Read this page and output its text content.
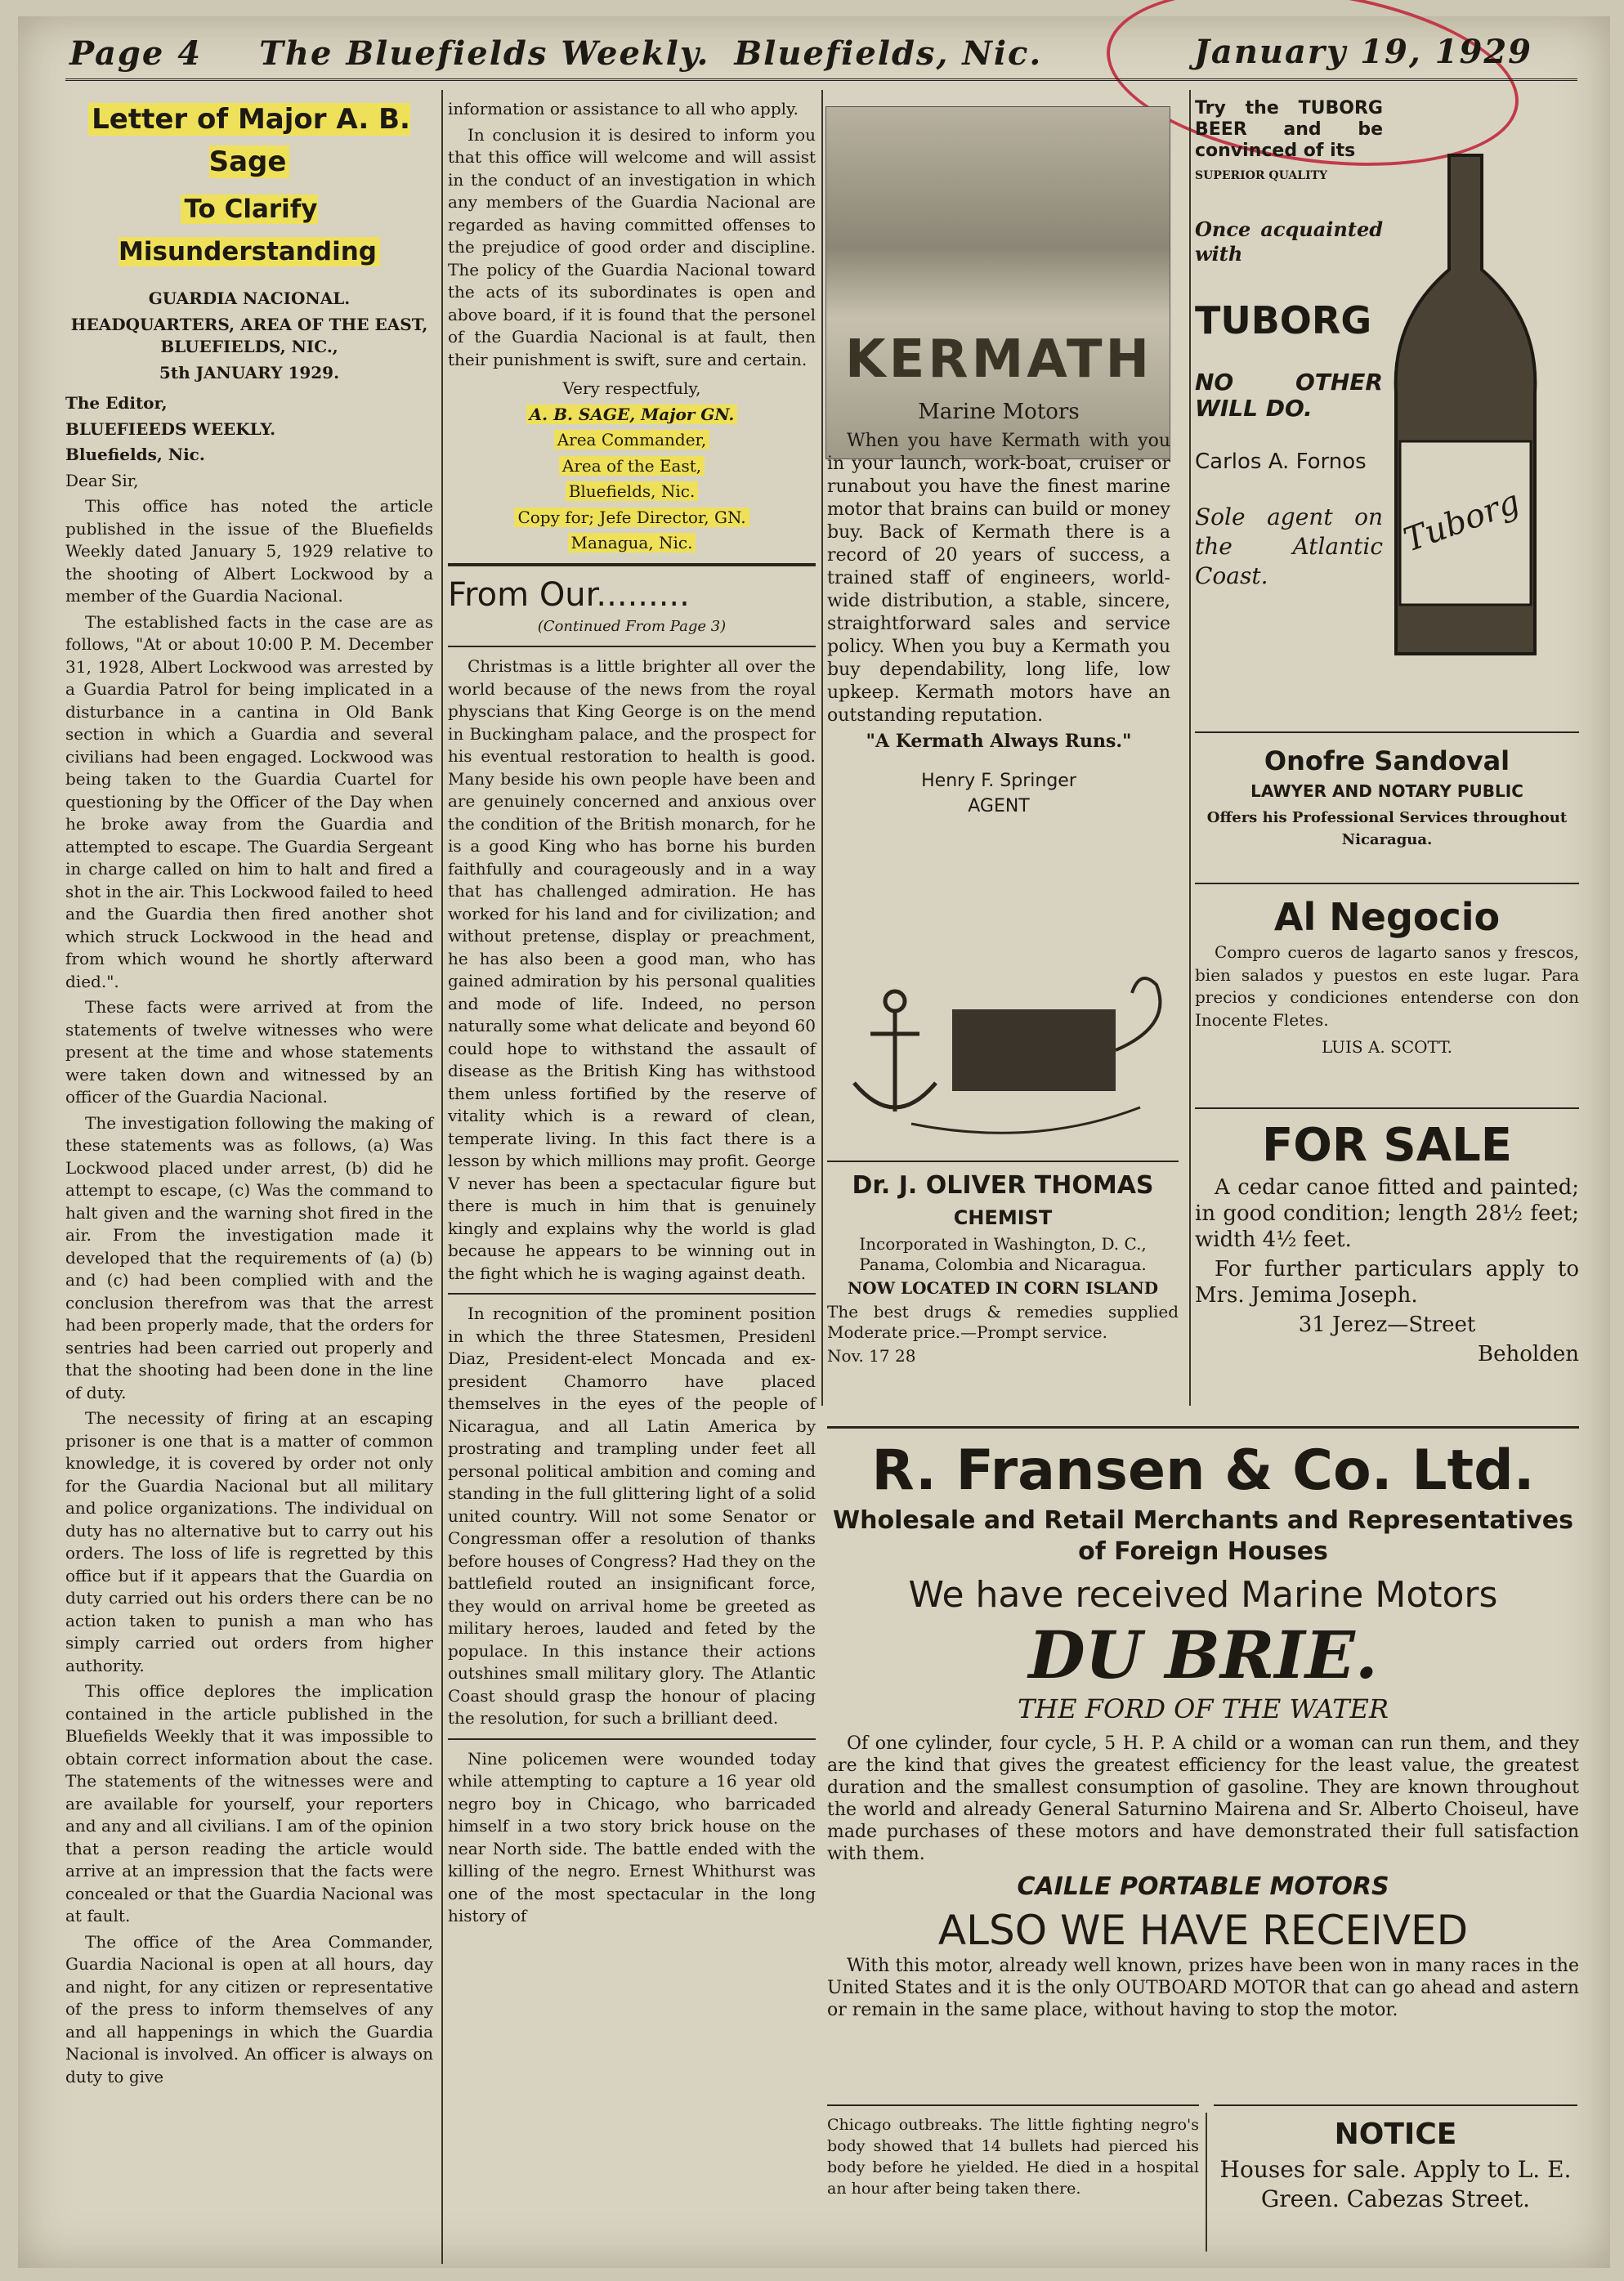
Page 4 The Bluefields Weekly. Bluefields, Nic.	January 19, 1929
Letter of Major A. B. Sage
To Clarify Misunderstanding

GUARDIA NACIONAL.

HEADQUARTERS, AREA OF THE EAST, BLUEFIELDS, NIC.,

5th JANUARY 1929.

The Editor,

BLUEFIEEDS WEEKLY.

Bluefields, Nic.

Dear Sir,

This office has noted the article published in the issue of the Bluefields Weekly dated January 5, 1929 relative to the shooting of Albert Lockwood by a member of the Guardia Nacional.

The established facts in the case are as follows, "At or about 10:00 P. M. December 31, 1928, Albert Lockwood was arrested by a Guardia Patrol for being implicated in a disturbance in a cantina in Old Bank section in which a Guardia and several civilians had been engaged. Lockwood was being taken to the Guardia Cuartel for questioning by the Officer of the Day when he broke away from the Guardia and attempted to escape. The Guardia Sergeant in charge called on him to halt and fired a shot in the air. This Lockwood failed to heed and the Guardia then fired another shot which struck Lockwood in the head and from which wound he shortly afterward died.".

These facts were arrived at from the statements of twelve witnesses who were present at the time and whose statements were taken down and witnessed by an officer of the Guardia Nacional.

The investigation following the making of these statements was as follows, (a) Was Lockwood placed under arrest, (b) did he attempt to escape, (c) Was the command to halt given and the warning shot fired in the air. From the investigation made it developed that the requirements of (a) (b) and (c) had been complied with and the conclusion therefrom was that the arrest had been properly made, that the orders for sentries had been carried out properly and that the shooting had been done in the line of duty.

The necessity of firing at an escaping prisoner is one that is a matter of common knowledge, it is covered by order not only for the Guardia Nacional but all military and police organizations. The individual on duty has no alternative but to carry out his orders. The loss of life is regretted by this office but if it appears that the Guardia on duty carried out his orders there can be no action taken to punish a man who has simply carried out orders from higher authority.

This office deplores the implication contained in the article published in the Bluefields Weekly that it was impossible to obtain correct information about the case. The statements of the witnesses were and are available for yourself, your reporters and any and all civilians. I am of the opinion that a person reading the article would arrive at an impression that the facts were concealed or that the Guardia Nacional was at fault.

The office of the Area Commander, Guardia Nacional is open at all hours, day and night, for any citizen or representative of the press to inform themselves of any and all happenings in which the Guardia Nacional is involved. An officer is always on duty to give

information or assistance to all who apply.

In conclusion it is desired to inform you that this office will welcome and will assist in the conduct of an investigation in which any members of the Guardia Nacional are regarded as having committed offenses to the prejudice of good order and discipline. The policy of the Guardia Nacional toward the acts of its subordinates is open and above board, if it is found that the personel of the Guardia Nacional is at fault, then their punishment is swift, sure and certain.

Very respectfuly,

A. B. SAGE, Major GN.

Area Commander,

Area of the East,

Bluefields, Nic.

Copy for; Jefe Director, GN.

Managua, Nic.

From Our.........

(Continued From Page 3)

Christmas is a little brighter all over the world because of the news from the royal physcians that King George is on the mend in Buckingham palace, and the prospect for his eventual restoration to health is good. Many beside his own people have been and are genuinely concerned and anxious over the condition of the British monarch, for he is a good King who has borne his burden faithfully and courageously and in a way that has challenged admiration. He has worked for his land and for civilization; and without pretense, display or preachment, he has also been a good man, who has gained admiration by his personal qualities and mode of life. Indeed, no person naturally some what delicate and beyond 60 could hope to withstand the assault of disease as the British King has withstood them unless fortified by the reserve of vitality which is a reward of clean, temperate living. In this fact there is a lesson by which millions may profit. George V never has been a spectacular figure but there is much in him that is genuinely kingly and explains why the world is glad because he appears to be winning out in the fight which he is waging against death.

In recognition of the prominent position in which the three Statesmen, Presidenl Diaz, President-elect Moncada and ex-president Chamorro have placed themselves in the eyes of the people of Nicaragua, and all Latin America by prostrating and trampling under feet all personal political ambition and coming and standing in the full glittering light of a solid united country. Will not some Senator or Congressman offer a resolution of thanks before houses of Congress? Had they on the battlefield routed an insignificant force, they would on arrival home be greeted as military heroes, lauded and feted by the populace. In this instance their actions outshines small military glory. The Atlantic Coast should grasp the honour of placing the resolution, for such a brilliant deed.

Nine policemen were wounded today while attempting to capture a 16 year old negro boy in Chicago, who barricaded himself in a two story brick house on the near North side. The battle ended with the killing of the negro. Ernest Whithurst was one of the most spectacular in the long history of

KERMATH

Marine Motors

When you have Kermath with you in your launch, work-boat, cruiser or runabout you have the finest marine motor that brains can build or money buy. Back of Kermath there is a record of 20 years of success, a trained staff of engineers, world-wide distribution, a stable, sincere, straightforward sales and service policy. When you buy a Kermath you buy dependability, long life, low upkeep. Kermath motors have an outstanding reputation.

"A Kermath Always Runs."

Henry F. Springer

AGENT

Dr. J. OLIVER THOMAS
CHEMIST

Incorporated in Washington, D. C., Panama, Colombia and Nicaragua.

NOW LOCATED IN CORN ISLAND

The best drugs & remedies supplied Moderate price.—Prompt service.

Nov. 17 28

Try the TUBORG BEER and be convinced of its

SUPERIOR QUALITY

Once acquainted with

TUBORG

NO OTHER WILL DO.

Carlos A. Fornos

Sole agent on the Atlantic Coast.

Tuborg
Onofre Sandoval

LAWYER AND NOTARY PUBLIC

Offers his Professional Services throughout Nicaragua.

Al Negocio

Compro cueros de lagarto sanos y frescos, bien salados y puestos en este lugar. Para precios y condiciones entenderse con don Inocente Fletes.

LUIS A. SCOTT.

FOR SALE

A cedar canoe fitted and painted; in good condition; length 28½ feet; width 4½ feet.

For further particulars apply to Mrs. Jemima Joseph.

31 Jerez—Street

Beholden

R. Fransen & Co. Ltd.
Wholesale and Retail Merchants and Representatives of Foreign Houses
We have received Marine Motors
DU BRIE.
THE FORD OF THE WATER

Of one cylinder, four cycle, 5 H. P. A child or a woman can run them, and they are the kind that gives the greatest efficiency for the least value, the greatest duration and the smallest consumption of gasoline. They are known throughout the world and already General Saturnino Mairena and Sr. Alberto Choiseul, have made purchases of these motors and have demonstrated their full satisfaction with them.

CAILLE PORTABLE MOTORS
ALSO WE HAVE RECEIVED

With this motor, already well known, prizes have been won in many races in the United States and it is the only OUTBOARD MOTOR that can go ahead and astern or remain in the same place, without having to stop the motor.

Chicago outbreaks. The little fighting negro's body showed that 14 bullets had pierced his body before he yielded. He died in a hospital an hour after being taken there.

NOTICE

Houses for sale. Apply to L. E. Green. Cabezas Street.
